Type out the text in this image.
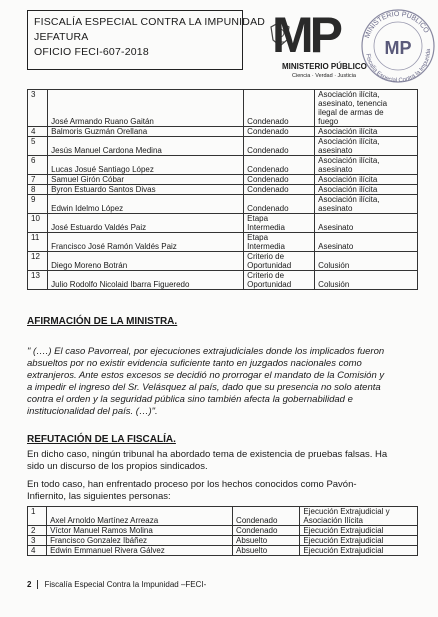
FISCALÍA ESPECIAL CONTRA LA IMPUNIDAD
JEFATURA
OFICIO FECI-607-2018	MP
MINISTERIO PÚBLICO
Ciencia · Verdad · Justicia
MINISTERIO PÚBLICO
MP
Fiscalía Especial Contra la Impunida
3	José Armando Ruano Gaitán	Condenado	Asociación ilícita,
asesinato, tenencia
ilegal de armas de
fuego

4	Balmoris Guzmán Orellana	Condenado	Asociación ilícita

5	Jesús Manuel Cardona Medina	Condenado	Asociación ilícita,
asesinato

6	Lucas Josué Santiago López	Condenado	Asociación ilícita,
asesinato

7	Samuel Girón Cóbar	Condenado	Asociación ilícita

8	Byron Estuardo Santos Divas	Condenado	Asociación ilícita

9	Edwin Idelmo López	Condenado	Asociación ilícita,
asesinato

10	José Estuardo Valdés Paiz	Etapa
Intermedia	Asesinato

11	Francisco José Ramón Valdés Paiz	Etapa
Intermedia	Asesinato

12	Diego Moreno Botrán	Criterio de
Oportunidad	Colusión

13	Julio Rodolfo Nicolaid Ibarra Figueredo	Criterio de
Oportunidad	Colusión
AFIRMACIÓN DE LA MINISTRA.
" (….) El caso Pavorreal, por ejecuciones extrajudiciales donde los implicados fueron
absueltos por no existir evidencia suficiente tanto en juzgados nacionales como
extranjeros. Ante estos excesos se decidió no prorrogar el mandato de la Comisión y
a impedir el ingreso del Sr. Velásquez al país, dado que su presencia no solo atenta
contra el orden y la seguridad pública sino también afecta la gobernabilidad e
institucionalidad del país. (…)".
REFUTACIÓN DE LA FISCALÍA.
En dicho caso, ningún tribunal ha abordado tema de existencia de pruebas falsas. Ha
sido un discurso de los propios sindicados.
En todo caso, han enfrentado proceso por los hechos conocidos como Pavón-
Infiernito, las siguientes personas:
1	Axel Arnoldo Martínez Arreaza	Condenado	Ejecución Extrajudicial y
Asociación Ilícita

2	Víctor Manuel Ramos Molina	Condenado	Ejecución Extrajudicial

3	Francisco Gonzalez Ibáñez	Absuelto	Ejecución Extrajudicial

4	Edwin Emmanuel Rivera Gálvez	Absuelto	Ejecución Extrajudicial
2	Fiscalía Especial Contra la Impunidad –FECI-
